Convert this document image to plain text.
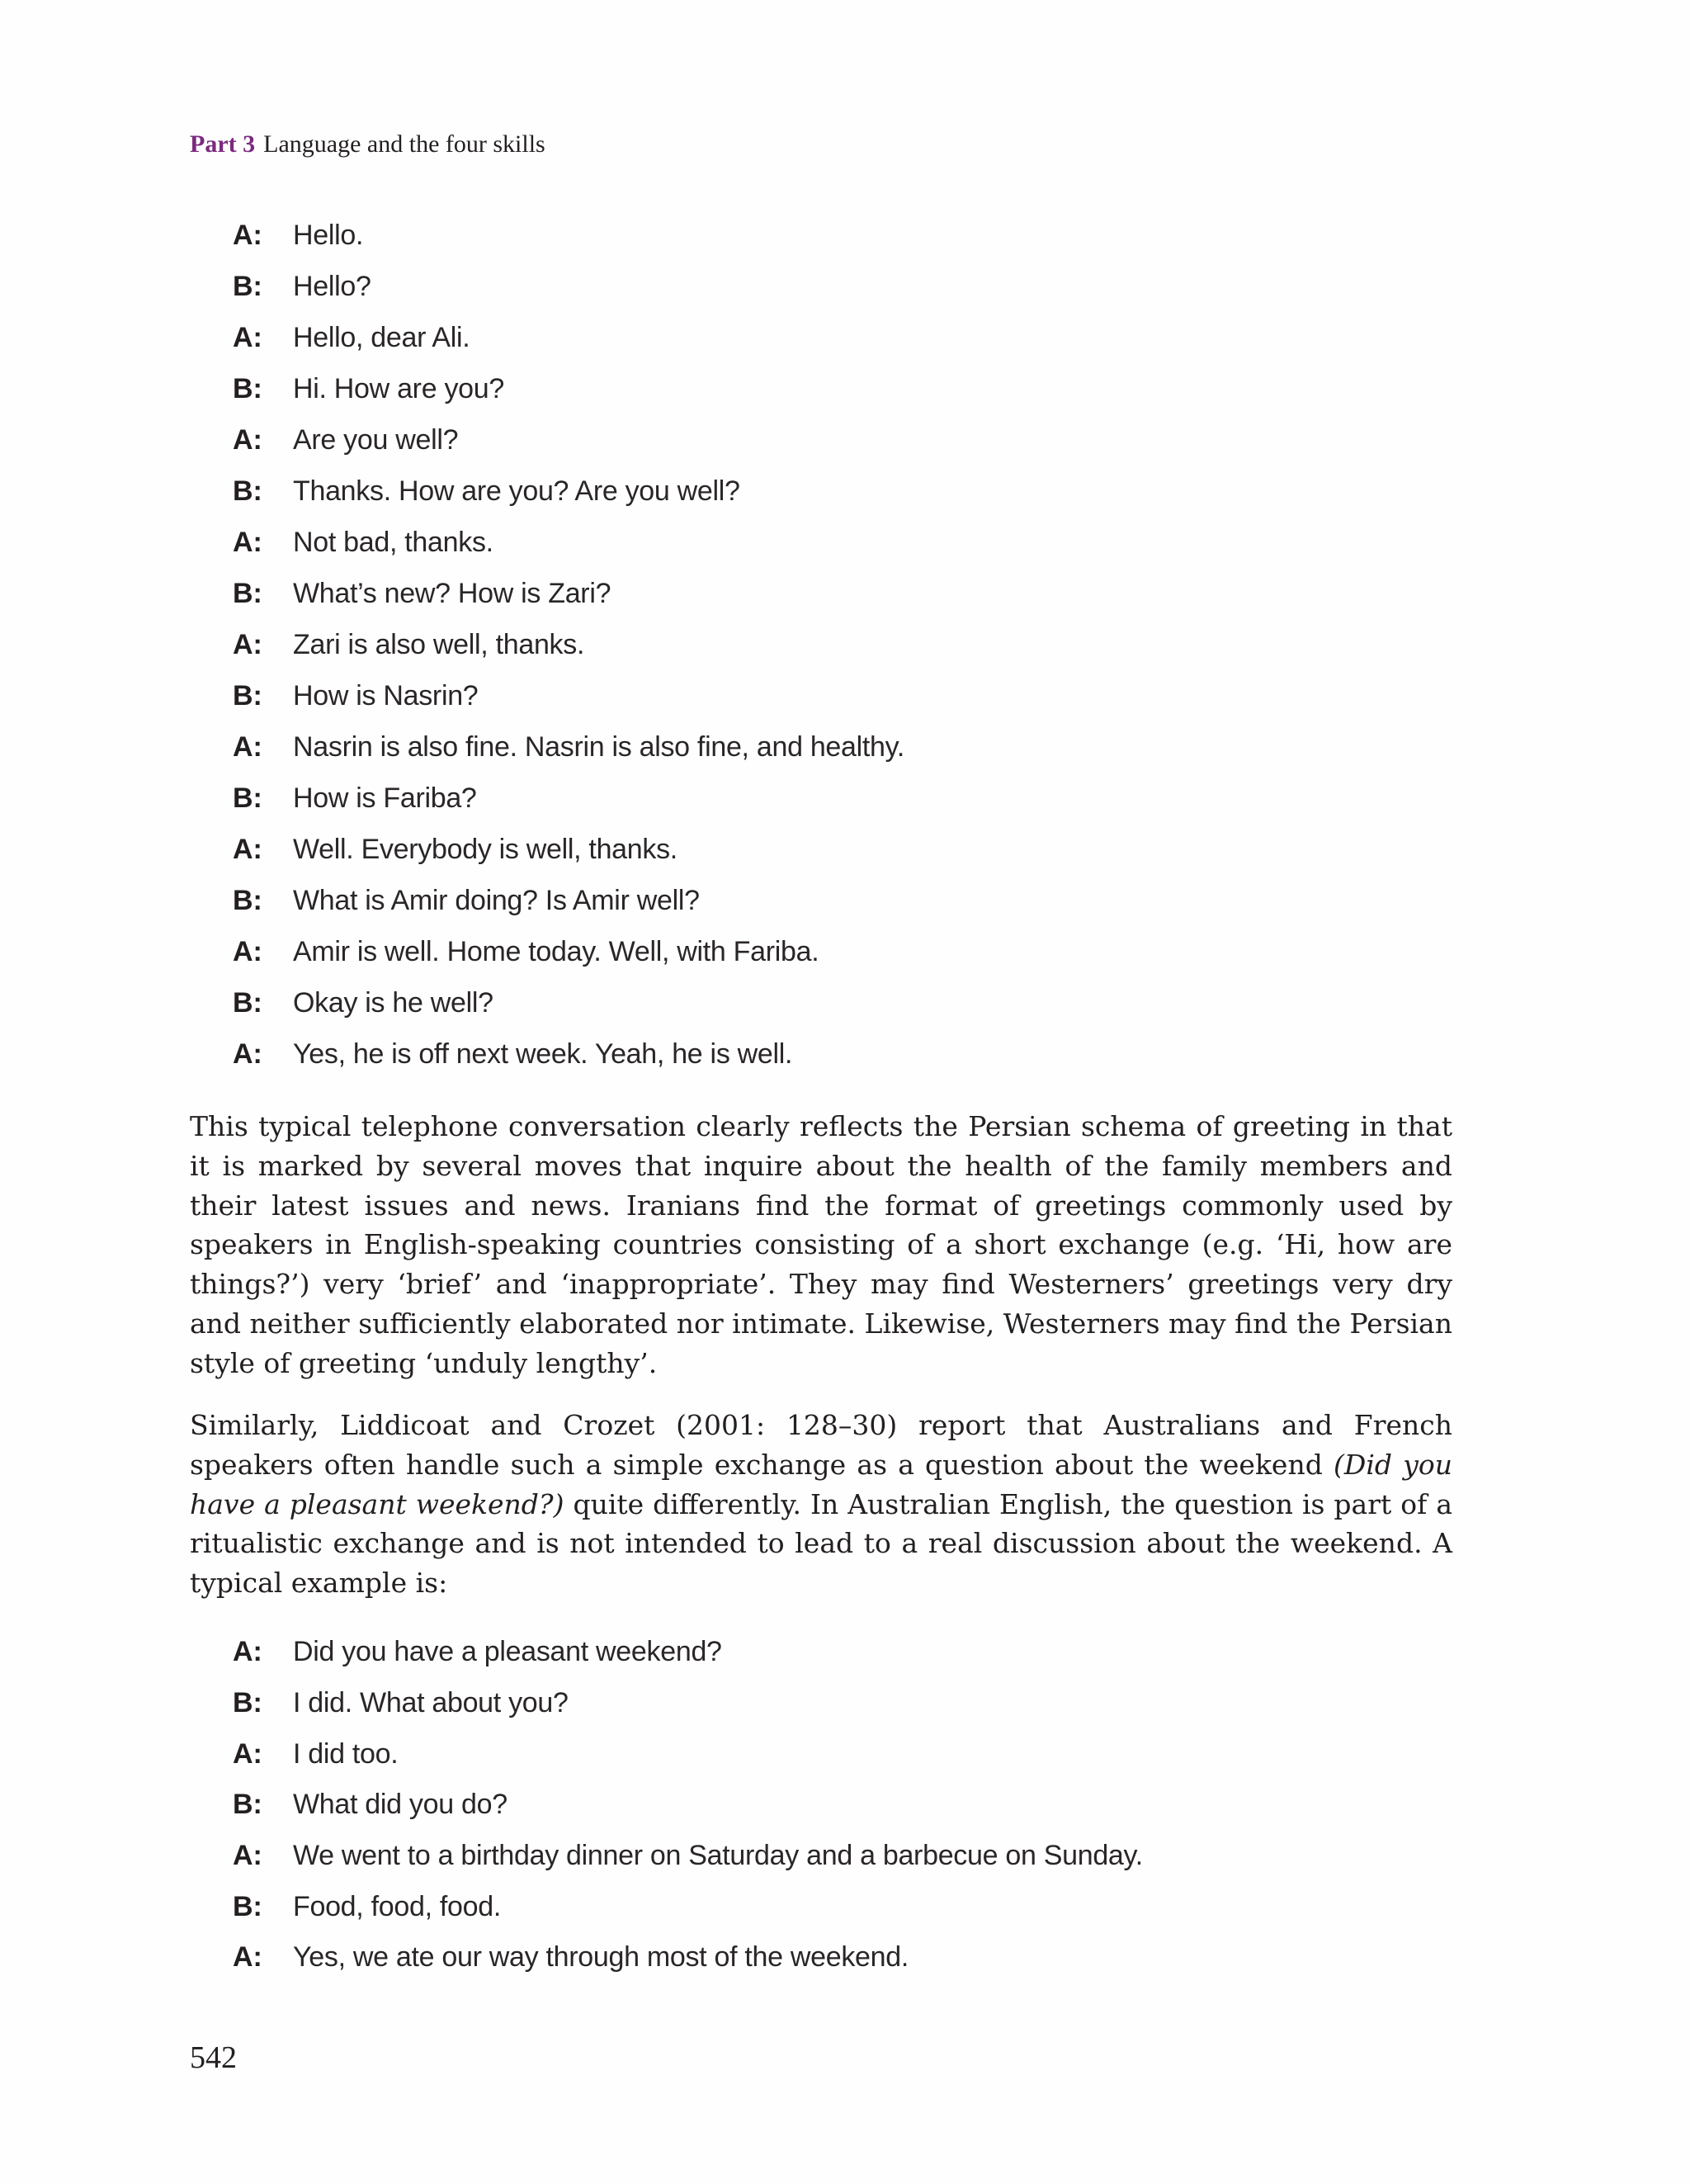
Part 3 Language and the four skills
A:	Hello.
B:	Hello?
A:	Hello, dear Ali.
B:	Hi. How are you?
A:	Are you well?
B:	Thanks. How are you? Are you well?
A:	Not bad, thanks.
B:	What’s new? How is Zari?
A:	Zari is also well, thanks.
B:	How is Nasrin?
A:	Nasrin is also fine. Nasrin is also fine, and healthy.
B:	How is Fariba?
A:	Well. Everybody is well, thanks.
B:	What is Amir doing? Is Amir well?
A:	Amir is well. Home today. Well, with Fariba.
B:	Okay is he well?
A:	Yes, he is off next week. Yeah, he is well.

This typical telephone conversation clearly reflects the Persian schema of greeting in that it is marked by several moves that inquire about the health of the family members and their latest issues and news. Iranians find the format of greetings commonly used by speakers in English-speaking countries consisting of a short exchange (e.g. ‘Hi, how are things?’) very ‘brief’ and ‘inappropriate’. They may find Westerners’ greetings very dry and neither sufficiently elaborated nor intimate. Likewise, Westerners may find the Persian style of greeting ‘unduly lengthy’.

Similarly, Liddicoat and Crozet (2001: 128–30) report that Australians and French speakers often handle such a simple exchange as a question about the weekend (Did you have a pleasant weekend?) quite differently. In Australian English, the question is part of a ritualistic exchange and is not intended to lead to a real discussion about the weekend. A typical example is:

A:	Did you have a pleasant weekend?
B:	I did. What about you?
A:	I did too.
B:	What did you do?
A:	We went to a birthday dinner on Saturday and a barbecue on Sunday.
B:	Food, food, food.
A:	Yes, we ate our way through most of the weekend.
542
